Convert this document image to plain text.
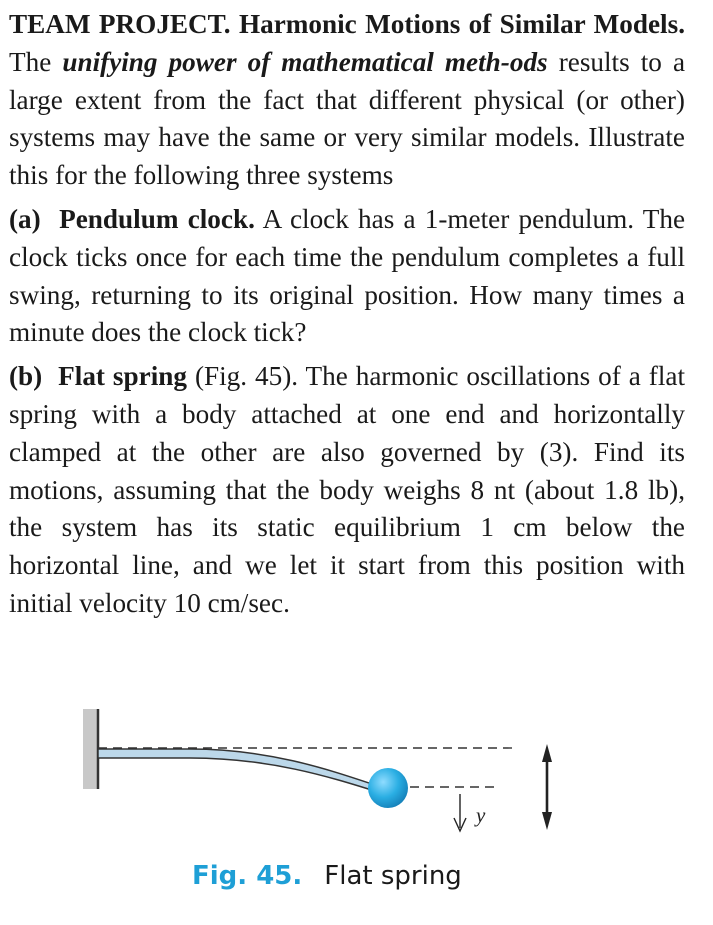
TEAM PROJECT. Harmonic Motions of Similar Models. The unifying power of mathematical meth-ods results to a large extent from the fact that different physical (or other) systems may have the same or very similar models. Illustrate this for the following three systems

(a) Pendulum clock. A clock has a 1-meter pendulum. The clock ticks once for each time the pendulum completes a full swing, returning to its original position. How many times a minute does the clock tick?

(b) Flat spring (Fig. 45). The harmonic oscillations of a flat spring with a body attached at one end and horizontally clamped at the other are also governed by (3). Find its motions, assuming that the body weighs 8 nt (about 1.8 lb), the system has its static equilibrium 1 cm below the horizontal line, and we let it start from this position with initial velocity 10 cm/sec.

y
Fig. 45. Flat spring
